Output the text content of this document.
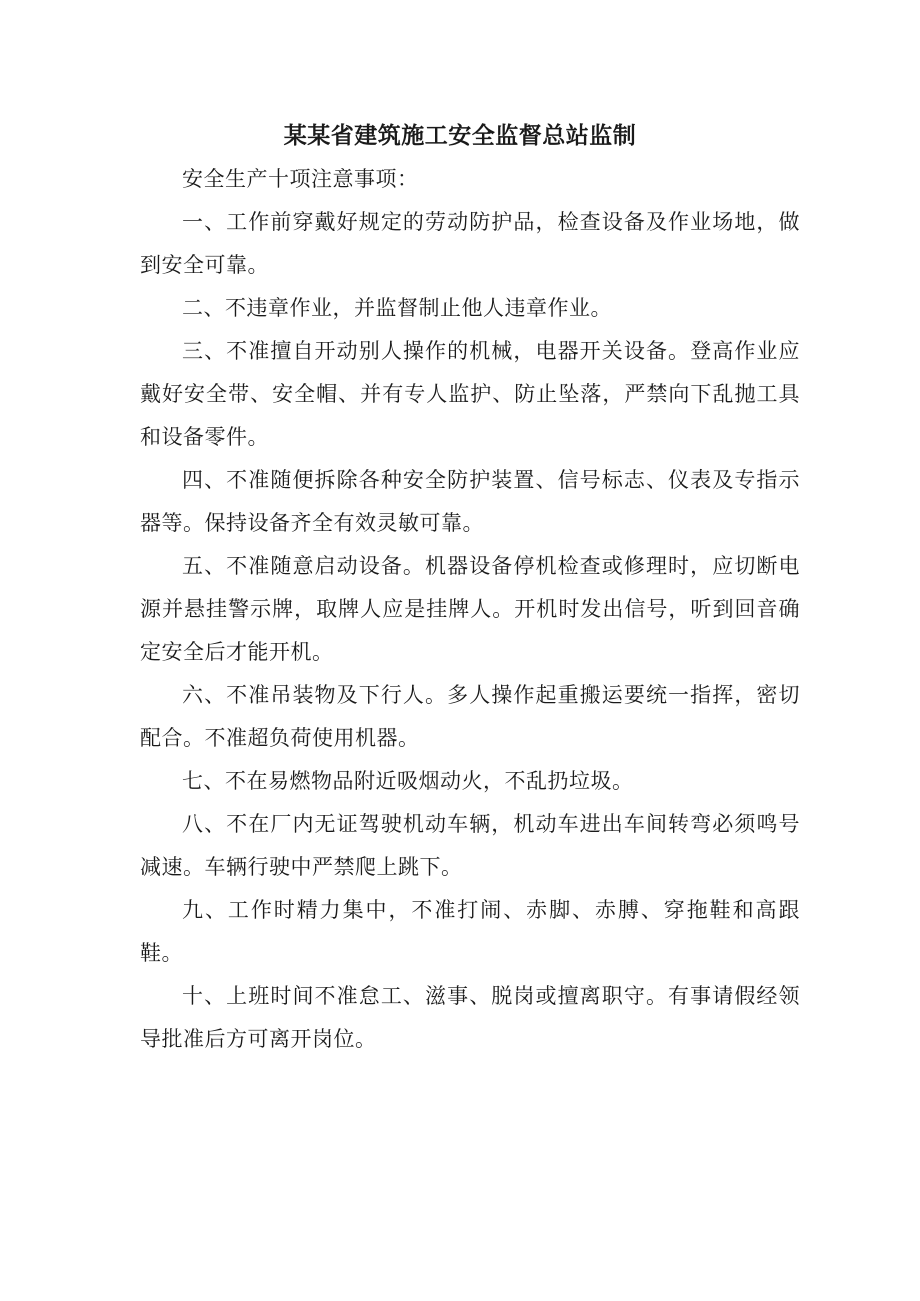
某某省建筑施工安全监督总站监制

安全生产十项注意事项：

一、工作前穿戴好规定的劳动防护品，检查设备及作业场地，做到安全可靠。

二、不违章作业，并监督制止他人违章作业。

三、不准擅自开动别人操作的机械，电器开关设备。登高作业应戴好安全带、安全帽、并有专人监护、防止坠落，严禁向下乱抛工具和设备零件。

四、不准随便拆除各种安全防护装置、信号标志、仪表及专指示器等。保持设备齐全有效灵敏可靠。

五、不准随意启动设备。机器设备停机检查或修理时，应切断电源并悬挂警示牌，取牌人应是挂牌人。开机时发出信号，听到回音确定安全后才能开机。

六、不准吊装物及下行人。多人操作起重搬运要统一指挥，密切配合。不准超负荷使用机器。

七、不在易燃物品附近吸烟动火，不乱扔垃圾。

八、不在厂内无证驾驶机动车辆，机动车进出车间转弯必须鸣号减速。车辆行驶中严禁爬上跳下。

九、工作时精力集中，不准打闹、赤脚、赤膊、穿拖鞋和高跟鞋。

十、上班时间不准怠工、滋事、脱岗或擅离职守。有事请假经领导批准后方可离开岗位。
